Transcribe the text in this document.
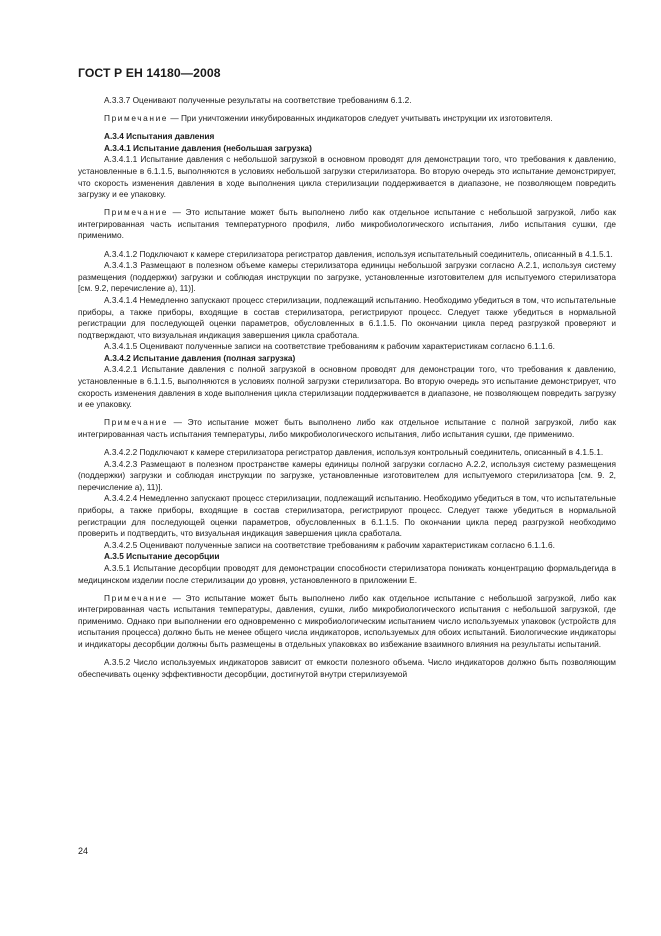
ГОСТ Р ЕН 14180—2008

А.3.3.7 Оценивают полученные результаты на соответствие требованиям 6.1.2.

Примечание — При уничтожении инкубированных индикаторов следует учитывать инструкции их изготовителя.

А.3.4 Испытания давления

А.3.4.1 Испытание давления (небольшая загрузка)

А.3.4.1.1 Испытание давления с небольшой загрузкой в основном проводят для демонстрации того, что требования к давлению, установленные в 6.1.1.5, выполняются в условиях небольшой загрузки стерилизатора. Во вторую очередь это испытание демонстрирует, что скорость изменения давления в ходе выполнения цикла стерилизации поддерживается в диапазоне, не позволяющем повредить загрузку и ее упаковку.

Примечание — Это испытание может быть выполнено либо как отдельное испытание с небольшой загрузкой, либо как интегрированная часть испытания температурного профиля, либо микробиологического испытания, либо испытания сушки, где применимо.

А.3.4.1.2 Подключают к камере стерилизатора регистратор давления, используя испытательный соединитель, описанный в 4.1.5.1.

А.3.4.1.3 Размещают в полезном объеме камеры стерилизатора единицы небольшой загрузки согласно А.2.1, используя систему размещения (поддержки) загрузки и соблюдая инструкции по загрузке, установленные изготовителем для испытуемого стерилизатора [см. 9.2, перечисление а), 11)].

А.3.4.1.4 Немедленно запускают процесс стерилизации, подлежащий испытанию. Необходимо убедиться в том, что испытательные приборы, а также приборы, входящие в состав стерилизатора, регистрируют процесс. Следует также убедиться в нормальной регистрации для последующей оценки параметров, обусловленных в 6.1.1.5. По окончании цикла перед разгрузкой проверяют и подтверждают, что визуальная индикация завершения цикла сработала.

А.3.4.1.5 Оценивают полученные записи на соответствие требованиям к рабочим характеристикам согласно 6.1.1.6.

А.3.4.2 Испытание давления (полная загрузка)

А.3.4.2.1 Испытание давления с полной загрузкой в основном проводят для демонстрации того, что требования к давлению, установленные в 6.1.1.5, выполняются в условиях полной загрузки стерилизатора. Во вторую очередь это испытание демонстрирует, что скорость изменения давления в ходе выполнения цикла стерилизации поддерживается в диапазоне, не позволяющем повредить загрузку и ее упаковку.

Примечание — Это испытание может быть выполнено либо как отдельное испытание с полной загрузкой, либо как интегрированная часть испытания температуры, либо микробиологического испытания, либо испытания сушки, где применимо.

А.3.4.2.2 Подключают к камере стерилизатора регистратор давления, используя контрольный соединитель, описанный в 4.1.5.1.

А.3.4.2.3 Размещают в полезном пространстве камеры единицы полной загрузки согласно А.2.2, используя систему размещения (поддержки) загрузки и соблюдая инструкции по загрузке, установленные изготовителем для испытуемого стерилизатора [см. 9. 2, перечисление а), 11)].

А.3.4.2.4 Немедленно запускают процесс стерилизации, подлежащий испытанию. Необходимо убедиться в том, что испытательные приборы, а также приборы, входящие в состав стерилизатора, регистрируют процесс. Следует также убедиться в нормальной регистрации для последующей оценки параметров, обусловленных в 6.1.1.5. По окончании цикла перед разгрузкой необходимо проверить и подтвердить, что визуальная индикация завершения цикла сработала.

А.3.4.2.5 Оценивают полученные записи на соответствие требованиям к рабочим характеристикам согласно 6.1.1.6.

А.3.5 Испытание десорбции

А.3.5.1 Испытание десорбции проводят для демонстрации способности стерилизатора понижать концентрацию формальдегида в медицинском изделии после стерилизации до уровня, установленного в приложении Е.

Примечание — Это испытание может быть выполнено либо как отдельное испытание с небольшой загрузкой, либо как интегрированная часть испытания температуры, давления, сушки, либо микробиологического испытания с небольшой загрузкой, где применимо. Однако при выполнении его одновременно с микробиологическим испытанием число используемых упаковок (устройств для испытания процесса) должно быть не менее общего числа индикаторов, используемых для обоих испытаний. Биологические индикаторы и индикаторы десорбции должны быть размещены в отдельных упаковках во избежание взаимного влияния на результаты испытаний.

А.3.5.2 Число используемых индикаторов зависит от емкости полезного объема. Число индикаторов должно быть позволяющим обеспечивать оценку эффективности десорбции, достигнутой внутри стерилизуемой

24
